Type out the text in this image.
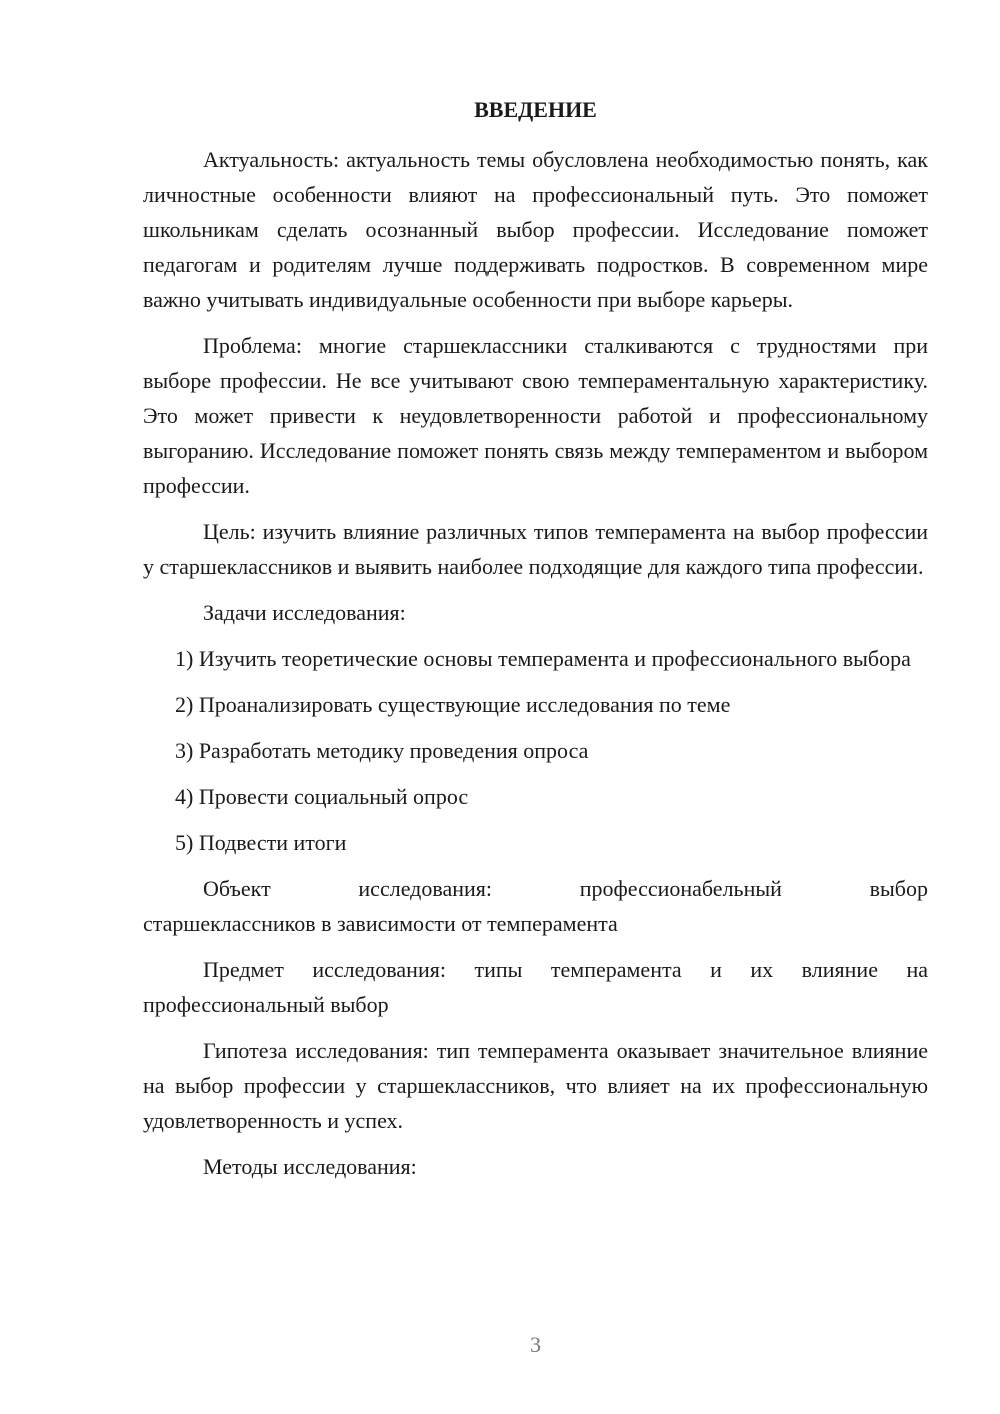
ВВЕДЕНИЕ

Актуальность: актуальность темы обусловлена необходимостью понять, как личностные особенности влияют на профессиональный путь. Это поможет школьникам сделать осознанный выбор профессии. Исследование поможет педагогам и родителям лучше поддерживать подростков. В современном мире важно учитывать индивидуальные особенности при выборе карьеры.

Проблема: многие старшеклассники сталкиваются с трудностями при выборе профессии. Не все учитывают свою темпераментальную характеристику. Это может привести к неудовлетворенности работой и профессиональному выгоранию. Исследование поможет понять связь между темпераментом и выбором профессии.

Цель: изучить влияние различных типов темперамента на выбор профессии у старшеклассников и выявить наиболее подходящие для каждого типа профессии.

Задачи исследования:

1) Изучить теоретические основы темперамента и профессионального выбора

2) Проанализировать существующие исследования по теме

3) Разработать методику проведения опроса

4) Провести социальный опрос

5) Подвести итоги

Объект исследования: профессионабельный выбор

старшеклассников в зависимости от темперамента

Предмет исследования: типы темперамента и их влияние на профессиональный выбор

Гипотеза исследования: тип темперамента оказывает значительное влияние на выбор профессии у старшеклассников, что влияет на их профессиональную удовлетворенность и успех.

Методы исследования:

3
